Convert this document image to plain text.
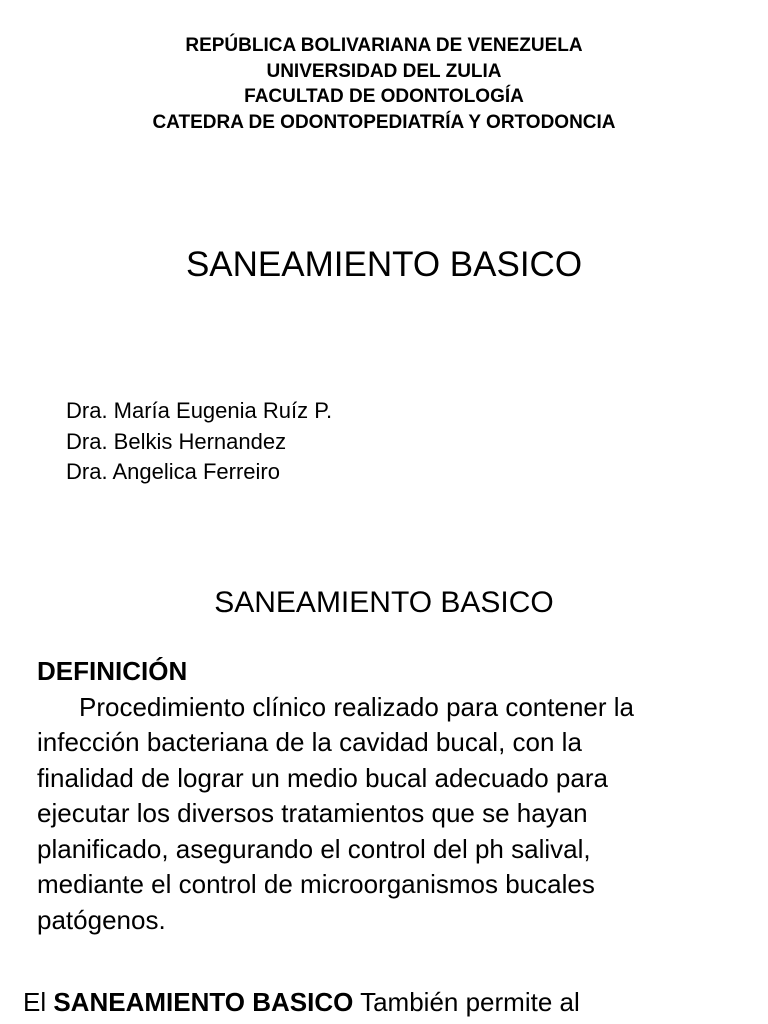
REPÚBLICA BOLIVARIANA DE VENEZUELA
UNIVERSIDAD DEL ZULIA
FACULTAD DE ODONTOLOGÍA
CATEDRA DE ODONTOPEDIATRÍA Y ORTODONCIA
SANEAMIENTO BASICO
Dra. María Eugenia Ruíz P.
Dra. Belkis Hernandez
Dra. Angelica Ferreiro
SANEAMIENTO BASICO
DEFINICIÓN
Procedimiento clínico realizado para contener la
infección bacteriana de la cavidad bucal, con la
finalidad de lograr un medio bucal adecuado para
ejecutar los diversos tratamientos que se hayan
planificado, asegurando el control del ph salival,
mediante el control de microorganismos bucales
patógenos.
El SANEAMIENTO BASICO También permite al
